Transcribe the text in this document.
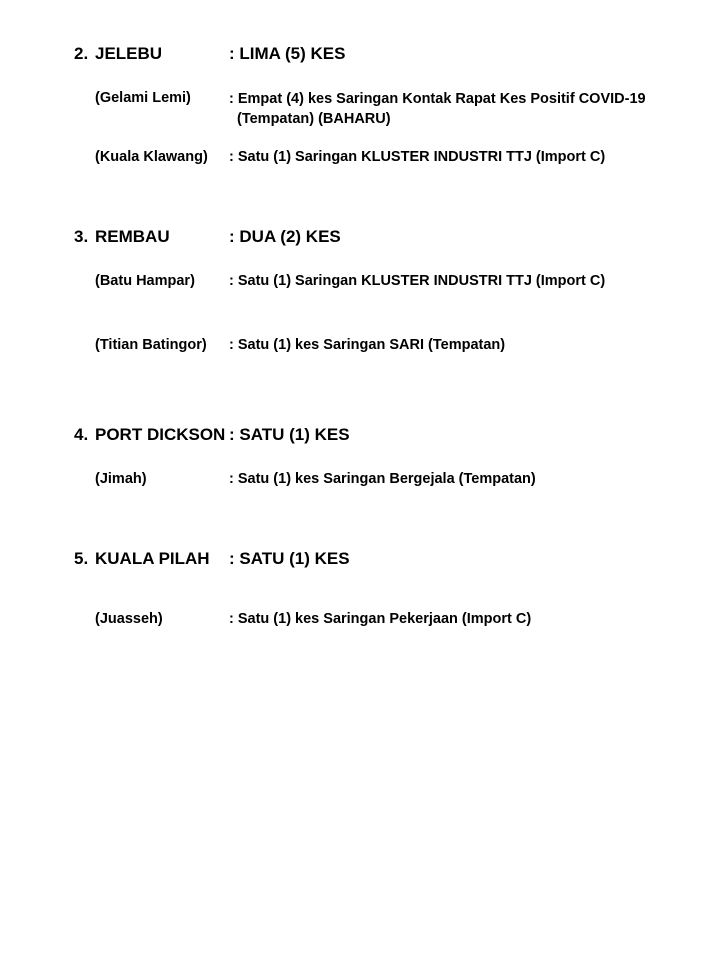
2. JELEBU	: LIMA (5) KES
(Gelami Lemi)	: Empat (4) kes Saringan Kontak Rapat Kes Positif COVID-19
(Tempatan) (BAHARU)
(Kuala Klawang) : Satu (1) Saringan KLUSTER INDUSTRI TTJ (Import C)
3. REMBAU	: DUA (2) KES
(Batu Hampar) : Satu (1) Saringan KLUSTER INDUSTRI TTJ (Import C)
(Titian Batingor) : Satu (1) kes Saringan SARI (Tempatan)
4. PORT DICKSON : SATU (1) KES
(Jimah)	: Satu (1) kes Saringan Bergejala (Tempatan)
5. KUALA PILAH : SATU (1) KES
(Juasseh)	: Satu (1) kes Saringan Pekerjaan (Import C)
